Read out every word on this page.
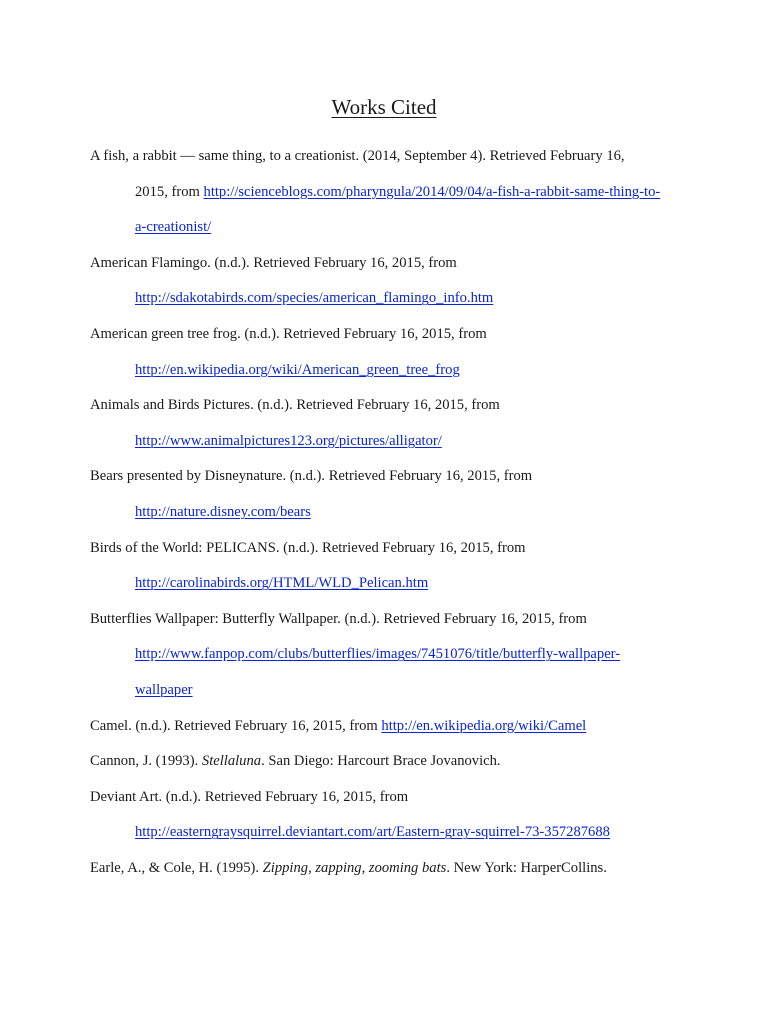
Works Cited

A fish, a rabbit — same thing, to a creationist. (2014, September 4). Retrieved February 16,
2015, from http://scienceblogs.com/pharyngula/2014/09/04/a-fish-a-rabbit-same-thing-to-
a-creationist/

American Flamingo. (n.d.). Retrieved February 16, 2015, from
http://sdakotabirds.com/species/american_flamingo_info.htm

American green tree frog. (n.d.). Retrieved February 16, 2015, from
http://en.wikipedia.org/wiki/American_green_tree_frog

Animals and Birds Pictures. (n.d.). Retrieved February 16, 2015, from
http://www.animalpictures123.org/pictures/alligator/

Bears presented by Disneynature. (n.d.). Retrieved February 16, 2015, from
http://nature.disney.com/bears

Birds of the World: PELICANS. (n.d.). Retrieved February 16, 2015, from
http://carolinabirds.org/HTML/WLD_Pelican.htm

Butterflies Wallpaper: Butterfly Wallpaper. (n.d.). Retrieved February 16, 2015, from
http://www.fanpop.com/clubs/butterflies/images/7451076/title/butterfly-wallpaper-
wallpaper

Camel. (n.d.). Retrieved February 16, 2015, from http://en.wikipedia.org/wiki/Camel

Cannon, J. (1993). Stellaluna. San Diego: Harcourt Brace Jovanovich.

Deviant Art. (n.d.). Retrieved February 16, 2015, from
http://easterngraysquirrel.deviantart.com/art/Eastern-gray-squirrel-73-357287688

Earle, A., & Cole, H. (1995). Zipping, zapping, zooming bats. New York: HarperCollins.
